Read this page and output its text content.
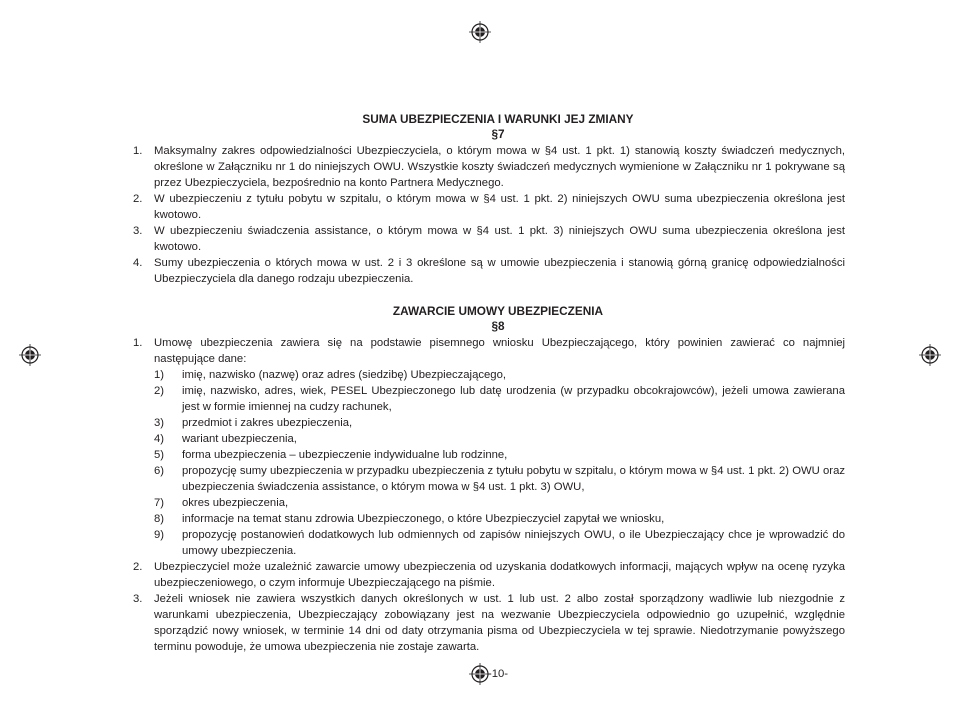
SUMA UBEZPIECZENIA I WARUNKI JEJ ZMIANY
§7
1. Maksymalny zakres odpowiedzialności Ubezpieczyciela, o którym mowa w §4 ust. 1 pkt. 1) stanowią koszty świadczeń medycznych, określone w Załączniku nr 1 do niniejszych OWU. Wszystkie koszty świadczeń medycznych wymienione w Załączniku nr 1 pokrywane są przez Ubezpieczyciela, bezpośrednio na konto Partnera Medycznego.
2. W ubezpieczeniu z tytułu pobytu w szpitalu, o którym mowa w §4 ust. 1 pkt. 2) niniejszych OWU suma ubezpieczenia określona jest kwotowo.
3. W ubezpieczeniu świadczenia assistance, o którym mowa w §4 ust. 1 pkt. 3) niniejszych OWU suma ubezpieczenia określona jest kwotowo.
4. Sumy ubezpieczenia o których mowa w ust. 2 i 3 określone są w umowie ubezpieczenia i stanowią górną granicę odpowiedzialności Ubezpieczyciela dla danego rodzaju ubezpieczenia.
ZAWARCIE UMOWY UBEZPIECZENIA
§8
1. Umowę ubezpieczenia zawiera się na podstawie pisemnego wniosku Ubezpieczającego, który powinien zawierać co najmniej następujące dane:
1) imię, nazwisko (nazwę) oraz adres (siedzibę) Ubezpieczającego,
2) imię, nazwisko, adres, wiek, PESEL Ubezpieczonego lub datę urodzenia (w przypadku obcokrajowców), jeżeli umowa zawierana jest w formie imiennej na cudzy rachunek,
3) przedmiot i zakres ubezpieczenia,
4) wariant ubezpieczenia,
5) forma ubezpieczenia – ubezpieczenie indywidualne lub rodzinne,
6) propozycję sumy ubezpieczenia w przypadku ubezpieczenia z tytułu pobytu w szpitalu, o którym mowa w §4 ust. 1 pkt. 2) OWU oraz ubezpieczenia świadczenia assistance, o którym mowa w §4 ust. 1 pkt. 3) OWU,
7) okres ubezpieczenia,
8) informacje na temat stanu zdrowia Ubezpieczonego, o które Ubezpieczyciel zapytał we wniosku,
9) propozycję postanowień dodatkowych lub odmiennych od zapisów niniejszych OWU, o ile Ubezpieczający chce je wprowadzić do umowy ubezpieczenia.
2. Ubezpieczyciel może uzależnić zawarcie umowy ubezpieczenia od uzyskania dodatkowych informacji, mających wpływ na ocenę ryzyka ubezpieczeniowego, o czym informuje Ubezpieczającego na piśmie.
3. Jeżeli wniosek nie zawiera wszystkich danych określonych w ust. 1 lub ust. 2 albo został sporządzony wadliwie lub niezgodnie z warunkami ubezpieczenia, Ubezpieczający zobowiązany jest na wezwanie Ubezpieczyciela odpowiednio go uzupełnić, względnie sporządzić nowy wniosek, w terminie 14 dni od daty otrzymania pisma od Ubezpieczyciela w tej sprawie. Niedotrzymanie powyższego terminu powoduje, że umowa ubezpieczenia nie zostaje zawarta.
-10-
